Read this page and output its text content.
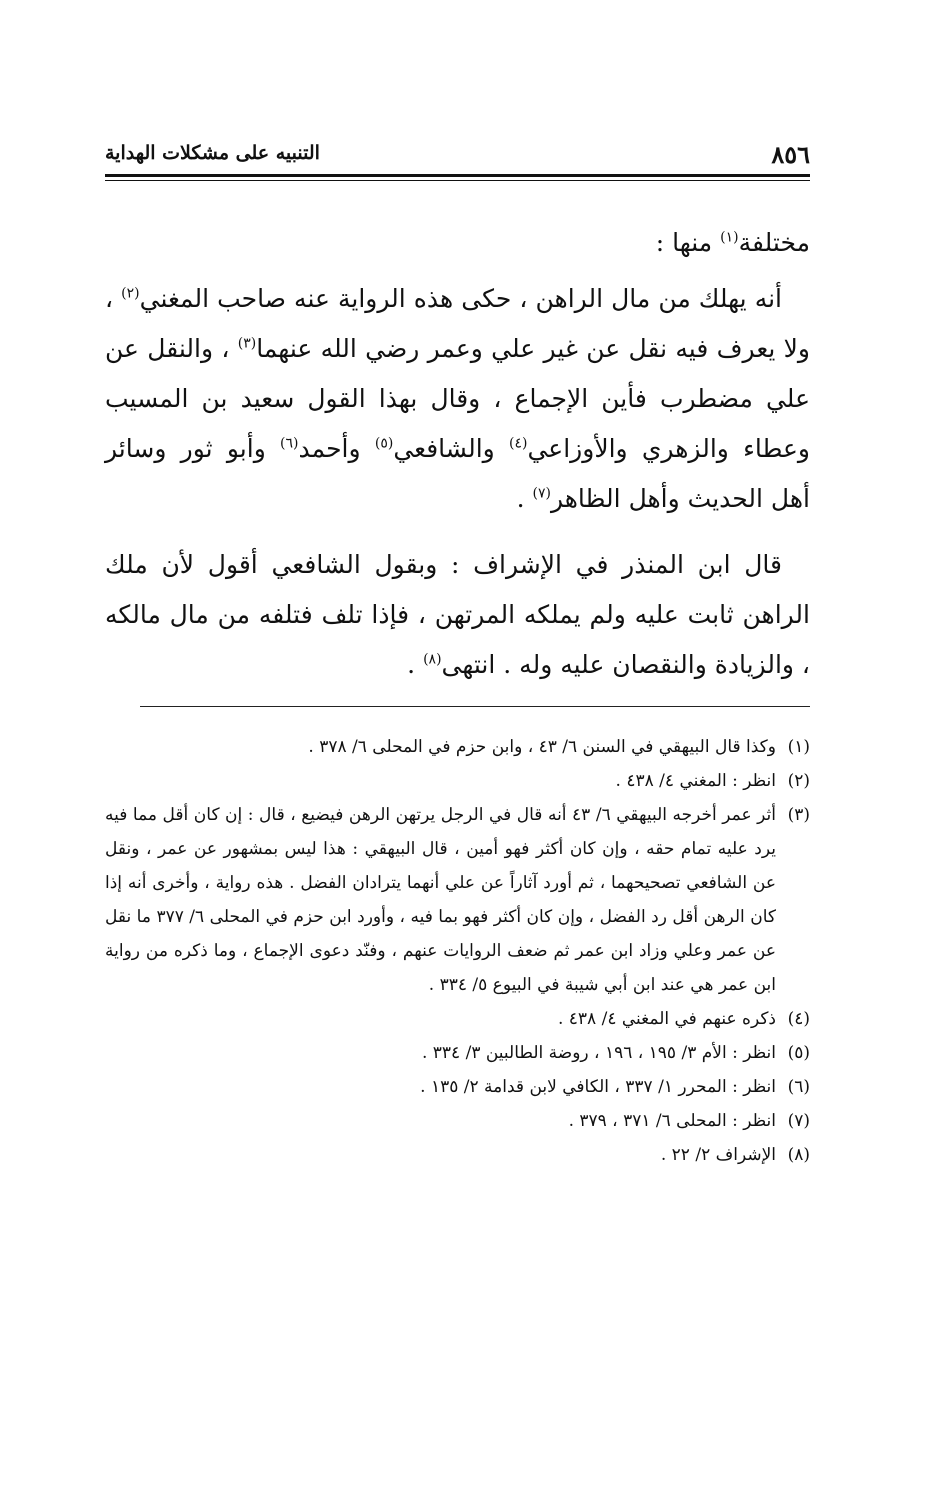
٨٥٦
التنبيه على مشكلات الهداية

مختلفة$^{(١)}$ منها :

أنه يهلك من مال الراهن ، حكى هذه الرواية عنه صاحب المغني$^{(٢)}$ ، ولا يعرف فيه نقل عن غير علي وعمر رضي الله عنهما$^{(٣)}$ ، والنقل عن علي مضطرب فأين الإجماع ، وقال بهذا القول سعيد بن المسيب وعطاء والزهري والأوزاعي$^{(٤)}$ والشافعي$^{(٥)}$ وأحمد$^{(٦)}$ وأبو ثور وسائر أهل الحديث وأهل الظاهر$^{(٧)}$ .

قال ابن المنذر في الإشراف : وبقول الشافعي أقول لأن ملك الراهن ثابت عليه ولم يملكه المرتهن ، فإذا تلف فتلفه من مال مالكه ، والزيادة والنقصان عليه وله . انتهى$^{(٨)}$ .

(١)
وكذا قال البيهقي في السنن ٦/ ٤٣ ، وابن حزم في المحلى ٦/ ٣٧٨ .
(٢)
انظر : المغني ٤/ ٤٣٨ .
(٣)
أثر عمر أخرجه البيهقي ٦/ ٤٣ أنه قال في الرجل يرتهن الرهن فيضيع ، قال : إن كان أقل مما فيه يرد عليه تمام حقه ، وإن كان أكثر فهو أمين ، قال البيهقي : هذا ليس بمشهور عن عمر ، ونقل عن الشافعي تصحيحهما ، ثم أورد آثاراً عن علي أنهما يترادان الفضل . هذه رواية ، وأخرى أنه إذا كان الرهن أقل رد الفضل ، وإن كان أكثر فهو بما فيه ، وأورد ابن حزم في المحلى ٦/ ٣٧٧ ما نقل عن عمر وعلي وزاد ابن عمر ثم ضعف الروايات عنهم ، وفنّد دعوى الإجماع ، وما ذكره من رواية ابن عمر هي عند ابن أبي شيبة في البيوع ٥/ ٣٣٤ .
(٤)
ذكره عنهم في المغني ٤/ ٤٣٨ .
(٥)
انظر : الأم ٣/ ١٩٥ ، ١٩٦ ، روضة الطالبين ٣/ ٣٣٤ .
(٦)
انظر : المحرر ١/ ٣٣٧ ، الكافي لابن قدامة ٢/ ١٣٥ .
(٧)
انظر : المحلى ٦/ ٣٧١ ، ٣٧٩ .
(٨)
الإشراف ٢/ ٢٢ .
